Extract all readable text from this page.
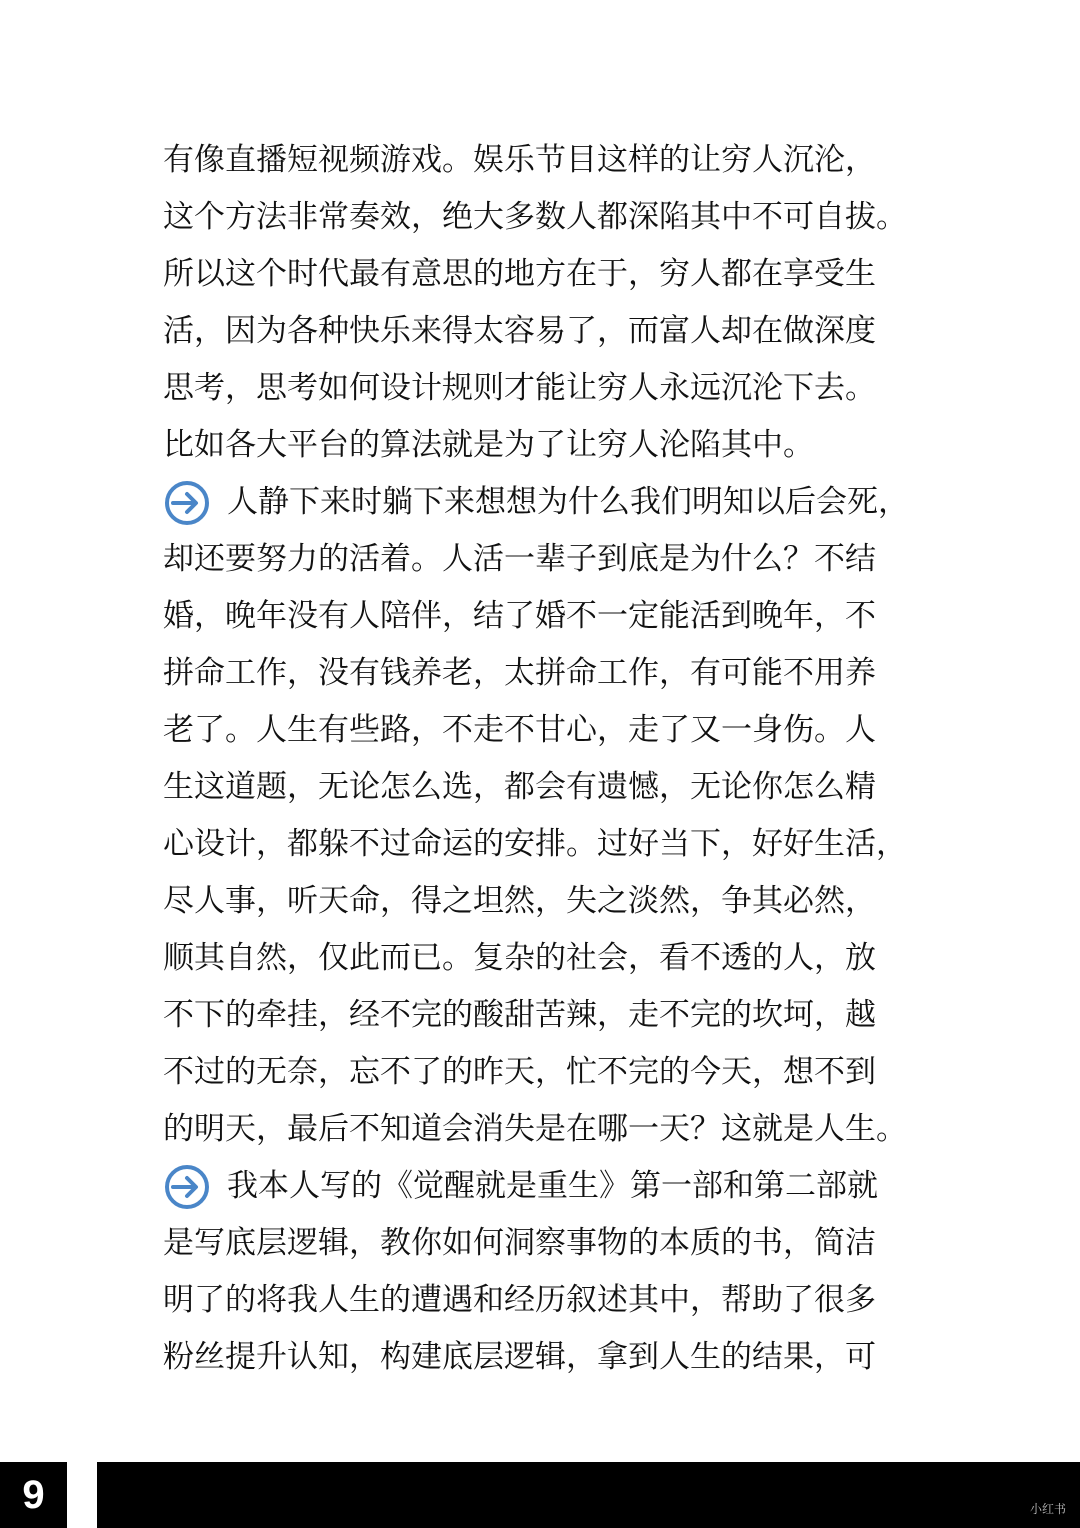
有像直播短视频游戏。娱乐节目这样的让穷人沉沦，
这个方法非常奏效，绝大多数人都深陷其中不可自拔。
所以这个时代最有意思的地方在于，穷人都在享受生
活，因为各种快乐来得太容易了，而富人却在做深度
思考，思考如何设计规则才能让穷人永远沉沦下去。
比如各大平台的算法就是为了让穷人沦陷其中。
人静下来时躺下来想想为什么我们明知以后会死，
却还要努力的活着。人活一辈子到底是为什么？不结
婚，晚年没有人陪伴，结了婚不一定能活到晚年，不
拼命工作，没有钱养老，太拼命工作，有可能不用养
老了。人生有些路，不走不甘心，走了又一身伤。人
生这道题，无论怎么选，都会有遗憾，无论你怎么精
心设计，都躲不过命运的安排。过好当下，好好生活，
尽人事，听天命，得之坦然，失之淡然，争其必然，
顺其自然，仅此而已。复杂的社会，看不透的人，放
不下的牵挂，经不完的酸甜苦辣，走不完的坎坷，越
不过的无奈，忘不了的昨天，忙不完的今天，想不到
的明天，最后不知道会消失是在哪一天？这就是人生。
我本人写的《觉醒就是重生》第一部和第二部就
是写底层逻辑，教你如何洞察事物的本质的书，简洁
明了的将我人生的遭遇和经历叙述其中，帮助了很多
粉丝提升认知，构建底层逻辑，拿到人生的结果，可
9	小红书
